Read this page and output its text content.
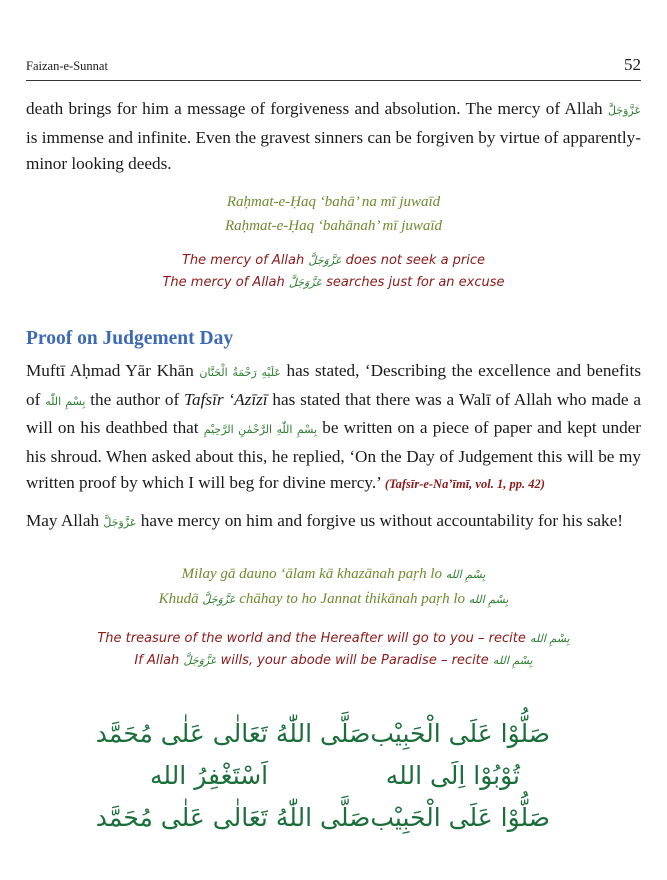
Faizan-e-Sunnat	52

death brings for him a message of forgiveness and absolution. The mercy of Allah عَزَّوَجَلَّ is immense and infinite. Even the gravest sinners can be forgiven by virtue of apparently-minor looking deeds.

Raḥmat-e-Ḥaq ‘bahā’ na mī juwaīd
Raḥmat-e-Ḥaq ‘bahānah’ mī juwaīd
The mercy of Allah عَزَّوَجَلَّ does not seek a price
The mercy of Allah عَزَّوَجَلَّ searches just for an excuse
Proof on Judgement Day

Muftī Aḥmad Yār Khān عَلَيْهِ رَحْمَةُ الْحَنَّان has stated, ‘Describing the excellence and benefits of بِسْمِ اللّٰه the author of Tafsīr ‘Azīzī has stated that there was a Walī of Allah who made a will on his deathbed that بِسْمِ اللّٰهِ الرَّحْمٰنِ الرَّحِيْمِ be written on a piece of paper and kept under his shroud. When asked about this, he replied, ‘On the Day of Judgement this will be my written proof by which I will beg for divine mercy.’ (Tafsīr-e-Na’īmī, vol. 1, pp. 42)

May Allah عَزَّوَجَلَّ have mercy on him and forgive us without accountability for his sake!

Milay gā dauno ‘ālam kā khazānah paṛh lo بِسْمِ الله
Khudā عَزَّوَجَلَّ chāhay to ho Jannat ṫhikānah paṛh lo بِسْمِ الله
The treasure of the world and the Hereafter will go to you – recite بِسْمِ الله
If Allah عَزَّوَجَلَّ wills, your abode will be Paradise – recite بِسْمِ الله
صَلُّوْا عَلَى الْحَبِيْب
صَلَّى اللّٰهُ تَعَالٰى عَلٰى مُحَمَّد
تُوْبُوْا اِلَى الله
اَسْتَغْفِرُ الله
صَلُّوْا عَلَى الْحَبِيْب
صَلَّى اللّٰهُ تَعَالٰى عَلٰى مُحَمَّد
